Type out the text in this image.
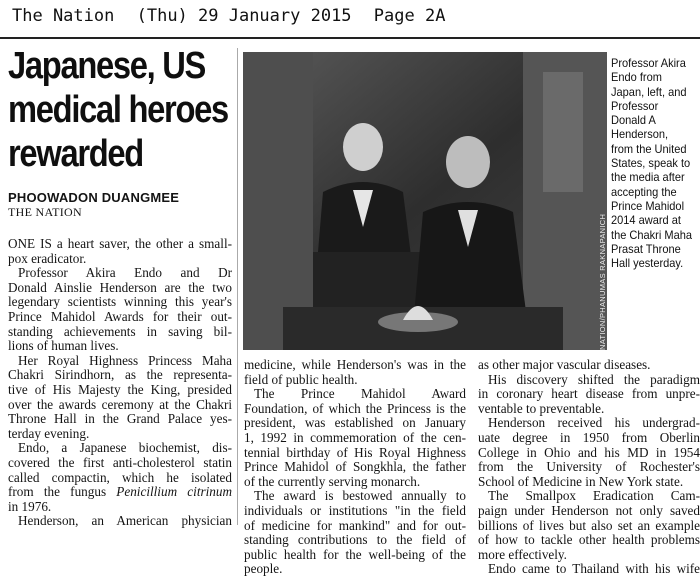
The Nation (Thu) 29 January 2015 Page 2A
Japanese, US
medical heroes
rewarded
PHOOWADON DUANGMEE
THE NATION
ONE IS a heart saver, the other a small-
pox eradicator.
Professor Akira Endo and Dr
Donald Ainslie Henderson are the two
legendary scientists winning this year's
Prince Mahidol Awards for their out-
standing achievements in saving bil-
lions of human lives.
Her Royal Highness Princess Maha
Chakri Sirindhorn, as the representa-
tive of His Majesty the King, presided
over the awards ceremony at the Chakri
Throne Hall in the Grand Palace yes-
terday evening.
Endo, a Japanese biochemist, dis-
covered the first anti-cholesterol statin
called compactin, which he isolated
from the fungus Penicillium citrinum
in 1976.
Henderson, an American physician
medicine, while Henderson's was in the
field of public health.
The Prince Mahidol Award
Foundation, of which the Princess is the
president, was established on January
1, 1992 in commemoration of the cen-
tennial birthday of His Royal Highness
Prince Mahidol of Songkhla, the father
of the currently serving monarch.
The award is bestowed annually to
individuals or institutions "in the field
of medicine for mankind" and for out-
standing contributions to the field of
public health for the well-being of the
people.
as other major vascular diseases.
His discovery shifted the paradigm
in coronary heart disease from unpre-
ventable to preventable.
Henderson received his undergrad-
uate degree in 1950 from Oberlin
College in Ohio and his MD in 1954
from the University of Rochester's
School of Medicine in New York state.
The Smallpox Eradication Cam-
paign under Henderson not only saved
billions of lives but also set an example
of how to tackle other health problems
more effectively.
Endo came to Thailand with his wife
NATION/PHANUMAS RAKNAPANICH
Professor Akira
Endo from
Japan, left, and
Professor
Donald A
Henderson,
from the United
States, speak to
the media after
accepting the
Prince Mahidol
2014 award at
the Chakri Maha
Prasat Throne
Hall yesterday.
